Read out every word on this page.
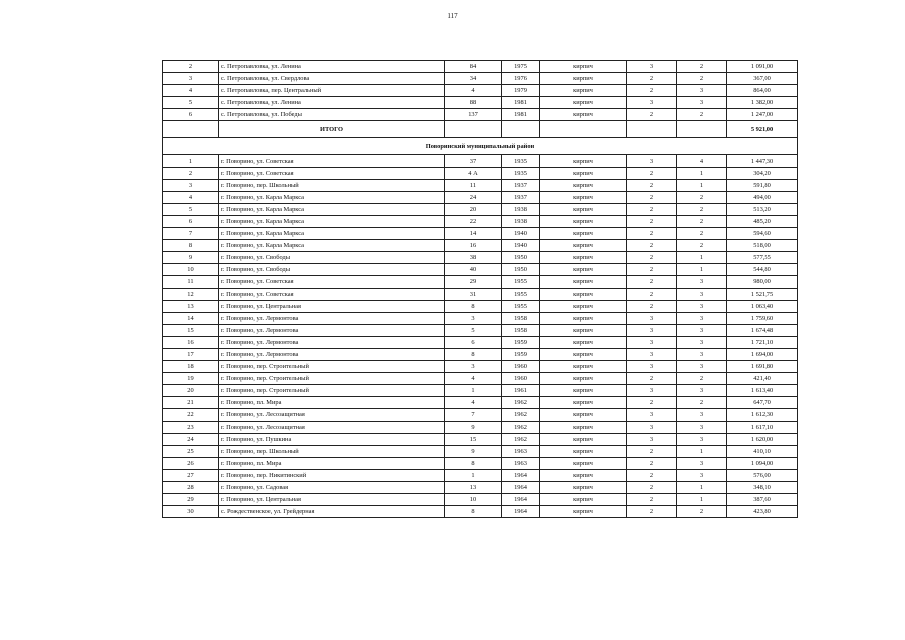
117
2	с. Петропавловка, ул. Ленина	84	1975	кирпич	3	2	1 091,00
3	с. Петропавловка, ул. Свердлова	34	1976	кирпич	2	2	367,00
4	с. Петропавловка, пер. Центральный	4	1979	кирпич	2	3	864,00
5	с. Петропавловка, ул. Ленина	88	1981	кирпич	3	3	1 382,00
6	с. Петропавловка, ул. Победы	137	1981	кирпич	2	2	1 247,00
	ИТОГО						5 921,00
Поворинский муниципальный район							
1	г. Поворино, ул. Советская	37	1935	кирпич	3	4	1 447,30
2	г. Поворино, ул. Советская	4 А	1935	кирпич	2	1	304,20
3	г. Поворино, пер. Школьный	11	1937	кирпич	2	1	591,80
4	г. Поворино, ул. Карла Маркса	24	1937	кирпич	2	2	494,00
5	г. Поворино, ул. Карла Маркса	20	1938	кирпич	2	2	513,20
6	г. Поворино, ул. Карла Маркса	22	1938	кирпич	2	2	485,20
7	г. Поворино, ул. Карла Маркса	14	1940	кирпич	2	2	594,60
8	г. Поворино, ул. Карла Маркса	16	1940	кирпич	2	2	518,00
9	г. Поворино, ул. Свободы	38	1950	кирпич	2	1	577,55
10	г. Поворино, ул. Свободы	40	1950	кирпич	2	1	544,80
11	г. Поворино, ул. Советская	29	1955	кирпич	2	3	980,00
12	г. Поворино, ул. Советская	31	1955	кирпич	2	3	1 521,75
13	г. Поворино, ул. Центральная	8	1955	кирпич	2	3	1 063,40
14	г. Поворино, ул. Лермонтова	3	1958	кирпич	3	3	1 759,60
15	г. Поворино, ул. Лермонтова	5	1958	кирпич	3	3	1 674,48
16	г. Поворино, ул. Лермонтова	6	1959	кирпич	3	3	1 721,10
17	г. Поворино, ул. Лермонтова	8	1959	кирпич	3	3	1 694,00
18	г. Поворино, пер. Строительный	3	1960	кирпич	3	3	1 691,80
19	г. Поворино, пер. Строительный	4	1960	кирпич	2	2	421,40
20	г. Поворино, пер. Строительный	1	1961	кирпич	3	3	1 613,40
21	г. Поворино, пл. Мира	4	1962	кирпич	2	2	647,70
22	г. Поворино, ул. Лесозащитная	7	1962	кирпич	3	3	1 612,30
23	г. Поворино, ул. Лесозащитная	9	1962	кирпич	3	3	1 617,10
24	г. Поворино, ул. Пушкина	15	1962	кирпич	3	3	1 620,00
25	г. Поворино, пер. Школьный	9	1963	кирпич	2	1	410,10
26	г. Поворино, пл. Мира	8	1963	кирпич	2	3	1 094,00
27	г. Поворино, пер. Никитинский	1	1964	кирпич	2	3	576,00
28	г. Поворино, ул. Садовая	13	1964	кирпич	2	1	348,10
29	г. Поворино, ул. Центральная	10	1964	кирпич	2	1	387,60
30	с. Рождественское, ул. Грейдерная	8	1964	кирпич	2	2	423,80
